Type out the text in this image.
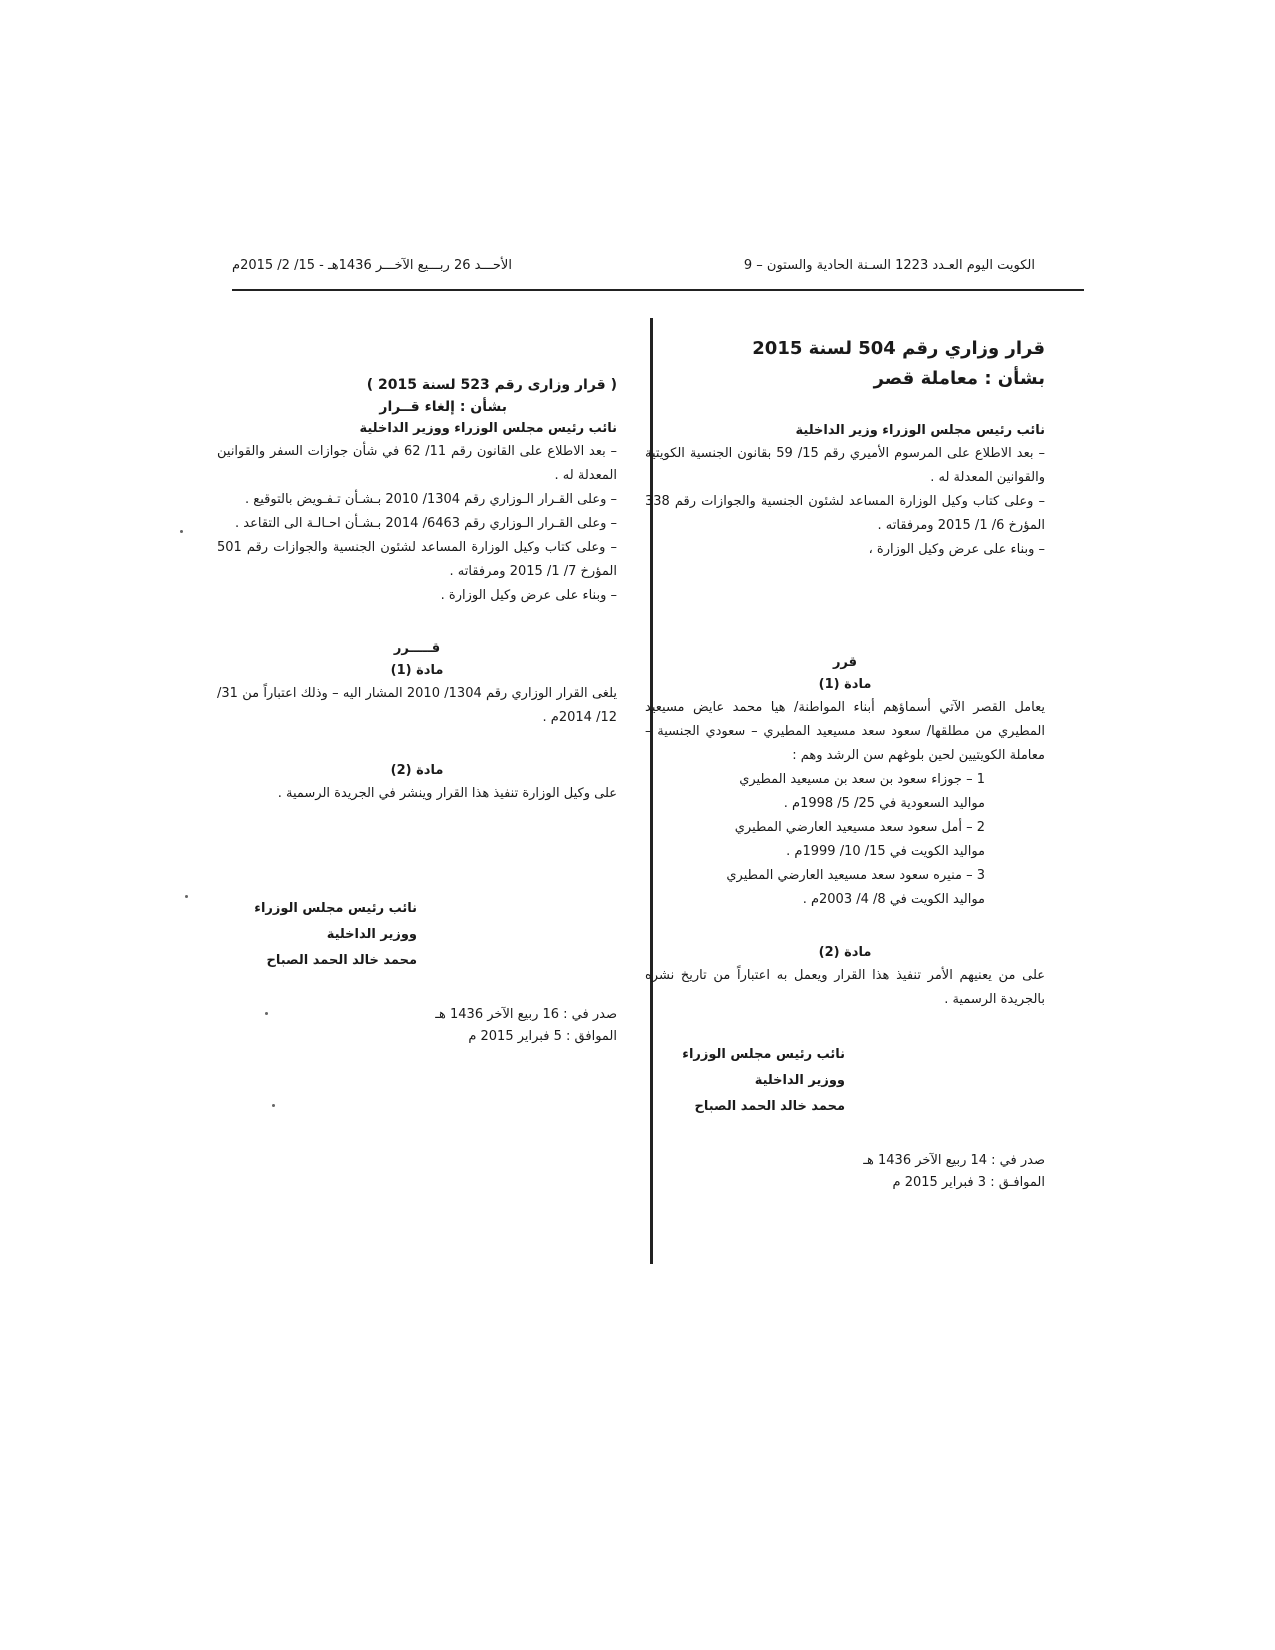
الكويت اليوم العـدد 1223 السـنة الحادية والستون – 9
الأحـــد 26 ربـــيع الآخـــر 1436هـ - 15/ 2/ 2015م
قرار وزاري رقم 504 لسنة 2015
بشأن : معاملة قصر
نائب رئيس مجلس الوزراء وزير الداخلية
– بعد الاطلاع على المرسوم الأميري رقم 15/ 59 بقانون الجنسية الكويتية والقوانين المعدلة له .
– وعلى كتاب وكيل الوزارة المساعد لشئون الجنسية والجوازات رقم 338 المؤرخ 6/ 1/ 2015 ومرفقاته .
– وبناء على عرض وكيل الوزارة ،
قرر
مادة (1)
يعامل القصر الآتي أسماؤهم أبناء المواطنة/ هيا محمد عايض مسيعيد المطيري من مطلقها/ سعود سعد مسيعيد المطيري – سعودي الجنسية – معاملة الكويتيين لحين بلوغهم سن الرشد وهم :
1 – جوزاء سعود بن سعد بن مسيعيد المطيري
مواليد السعودية في 25/ 5/ 1998م .
2 – أمل سعود سعد مسيعيد العارضي المطيري
مواليد الكويت في 15/ 10/ 1999م .
3 – منيره سعود سعد مسيعيد العارضي المطيري
مواليد الكويت في 8/ 4/ 2003م .
مادة (2)
على من يعنيهم الأمر تنفيذ هذا القرار ويعمل به اعتباراً من تاريخ نشره بالجريدة الرسمية .
نائب رئيس مجلس الوزراء
ووزير الداخلية
محمد خالد الحمد الصباح
صدر في : 14 ربيع الآخر 1436 هـ
الموافـق : 3 فبراير 2015 م
( قرار وزارى رقم 523 لسنة 2015 )
بشأن : إلغاء قــرار
نائب رئيس مجلس الوزراء ووزير الداخلية
– بعد الاطلاع على القانون رقم 11/ 62 في شأن جوازات السفر والقوانين المعدلة له .
– وعلى القـرار الـوزاري رقم 1304/ 2010 بـشـأن تـفـويض بالتوقيع .
– وعلى القـرار الـوزاري رقم 6463/ 2014 بـشـأن احـالـة الى التقاعد .
– وعلى كتاب وكيل الوزارة المساعد لشئون الجنسية والجوازات رقم 501 المؤرخ 7/ 1/ 2015 ومرفقاته .
– وبناء على عرض وكيل الوزارة .
قـــــرر
مادة (1)
يلغى القرار الوزاري رقم 1304/ 2010 المشار اليه – وذلك اعتباراً من 31/ 12/ 2014م .
مادة (2)
على وكيل الوزارة تنفيذ هذا القرار وينشر في الجريدة الرسمية .
نائب رئيس مجلس الوزراء
ووزير الداخلية
محمد خالد الحمد الصباح
صدر في : 16 ربيع الآخر 1436 هـ
الموافق : 5 فبراير 2015 م
